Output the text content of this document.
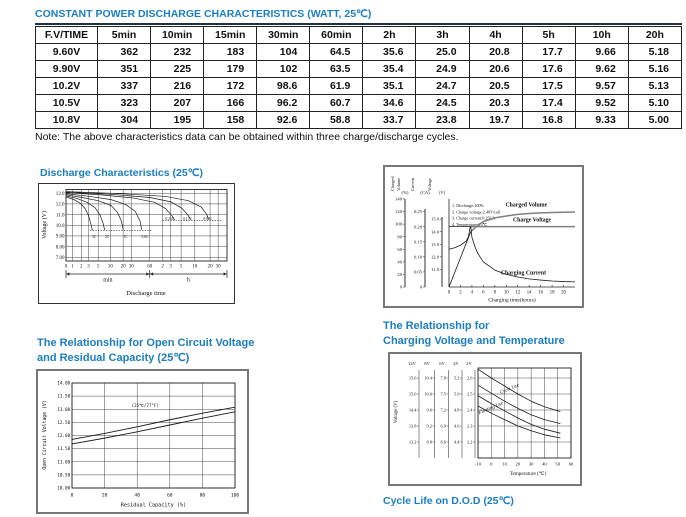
CONSTANT POWER DISCHARGE CHARACTERISTICS (WATT, 25℃)
F.V/TIME	5min	10min	15min	30min	60min	2h	3h	4h	5h	10h	20h
9.60V	362	232	183	104	64.5	35.6	25.0	20.8	17.7	9.66	5.18
9.90V	351	225	179	102	63.5	35.4	24.9	20.6	17.6	9.62	5.16
10.2V	337	216	172	98.6	61.9	35.1	24.7	20.5	17.5	9.57	5.13
10.5V	323	207	166	96.2	60.7	34.6	24.5	20.3	17.4	9.52	5.10
10.8V	304	195	158	92.6	58.8	33.7	23.8	19.7	16.8	9.33	5.00
Note: The above characteristics data can be obtained within three charge/discharge cycles.
Discharge Characteristics (25℃)
13.0
12.0
11.0
10.0
9.00
8.00
7.00
Voltage (V)
0 1 2 3 5 10 20 30	60 2 3 5 10 20 30
3C 2C	1C	0.6C
0.25C	0.17C	0.09C
min	h
Discharge time
0
20
40
60
80
100
120
140
(%)
Charged Volume
0
0.05
0.10
0.15
0.20
0.25
(CA)
Current
11.0
12.0
13.0
14.0
15.0
(V)
Voltage
0 2 4 6 8 10 12 14 16 18 20
Charging time(hours)
1. Discharge:100%
2. Charge voltage:2.40V/cell
3. Charge current:0.25CA
4. Temperature:25℃
Charged Volume
Charge Voltage
Charging Current
The Relationship for Open Circuit Voltage
and Residual Capacity (25℃)
14.00
13.50
13.00
12.50
12.00
11.50
11.00
10.50
10.00
Open Circuit Voltage (V)
0	20	40	60	80	100
Residual Capacity (%)
(25℃/77°F)
The Relationship for
Charging Voltage and Temperature
12V 8V 6V 4V 2V
15.6
15.0
14.4
13.8
13.2
10.4
10.0
9.6
9.2
8.8
7.8
7.5
7.2
6.9
6.6
5.2
5.0
4.8
4.6
4.4
2.6
2.5
2.4
2.3
2.2
Voltage (V)
-10 0 10 20 30 40 50 60
Temperature (℃)
Cycle Use
Floating Use
Cycle Life on D.O.D (25℃)
